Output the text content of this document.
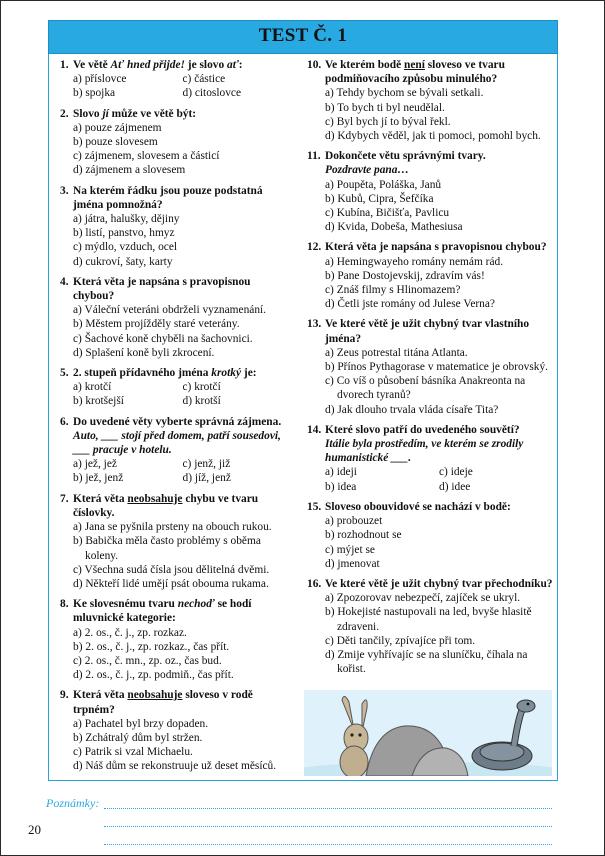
TEST Č. 1
1. Ve větě Ať hned přijde! je slovo ať:
a) příslovce	c) částice
b) spojka	d) citoslovce
2. Slovo jí může ve větě být:
a) pouze zájmenem
b) pouze slovesem
c) zájmenem, slovesem a částicí
d) zájmenem a slovesem
3. Na kterém řádku jsou pouze podstatná jména pomnožná?
a) játra, halušky, dějiny
b) listí, panstvo, hmyz
c) mýdlo, vzduch, ocel
d) cukroví, šaty, karty
4. Která věta je napsána s pravopisnou chybou?
a) Váleční veteráni obdrželi vyznamenání.
b) Městem projížděly staré veterány.
c) Šachové koně chyběli na šachovnici.
d) Splašení koně byli zkrocení.
5. 2. stupeň přídavného jména krotký je:
a) krotčí	c) krotčí
b) krotšejší	d) krotší
6. Do uvedené věty vyberte správná zájmena.
Auto, ___ stojí před domem, patří sousedovi,
___ pracuje v hotelu.
a) jež, jež	c) jenž, již
b) jež, jenž	d) jíž, jenž
7. Která věta neobsahuje chybu ve tvaru číslovky.
a) Jana se pyšnila prsteny na obouch rukou.
b) Babička měla často problémy s oběma koleny.
c) Všechna sudá čísla jsou dělitelná dvěmi.
d) Někteří lidé umějí psát oboumа rukama.
8. Ke slovesnému tvaru nechoď se hodí mluvnické kategorie:
a) 2. os., č. j., zp. rozkaz.
b) 2. os., č. j., zp. rozkaz., čas přít.
c) 2. os., č. mn., zp. oz., čas bud.
d) 2. os., č. j., zp. podmiň., čas přít.
9. Která věta neobsahuje sloveso v rodě trpném?
a) Pachatel byl brzy dopaden.
b) Zchátralý dům byl stržen.
c) Patrik si vzal Michaelu.
d) Náš dům se rekonstruuje už deset měsíců.
10. Ve kterém bodě není sloveso ve tvaru podmiňovacího způsobu minulého?
a) Tehdy bychom se bývali setkali.
b) To bych ti byl neudělal.
c) Byl bych jí to býval řekl.
d) Kdybych věděl, jak ti pomoci, pomohl bych.
11. Dokončete větu správnými tvary.
Pozdravte pana…
a) Poupěta, Poláška, Janů
b) Kubů, Cipra, Šefčíka
c) Kubína, Bičišťa, Pavlicu
d) Kvida, Dobeša, Mathesiusa
12. Která věta je napsána s pravopisnou chybou?
a) Hemingwayeho romány nemám rád.
b) Pane Dostojevskij, zdravím vás!
c) Znáš filmy s Hlinomazem?
d) Četli jste romány od Julese Verna?
13. Ve které větě je užit chybný tvar vlastního jména?
a) Zeus potrestal titána Atlanta.
b) Přínos Pythagorase v matematice je obrovský.
c) Co víš o působení básníka Anakreonta na dvorech tyranů?
d) Jak dlouho trvala vláda císaře Tita?
14. Které slovo patří do uvedeného souvětí?
Itálie byla prostředím, ve kterém se zrodily humanistické ___.
a) ideji	c) ideje
b) idea	d) ideе
15. Sloveso obouvidové se nachází v bodě:
a) probouzet
b) rozhodnout se
c) mýjet se
d) jmenovat
16. Ve které větě je užit chybný tvar přechodníku?
a) Zpozorovav nebezpečí, zajíček se ukryl.
b) Hokejisté nastupovali na led, bvyše hlasitě zdraveni.
c) Děti tančily, zpívajíce při tom.
d) Zmije vyhřívajíc se na sluníčku, číhala na kořist.
Poznámky:
20
